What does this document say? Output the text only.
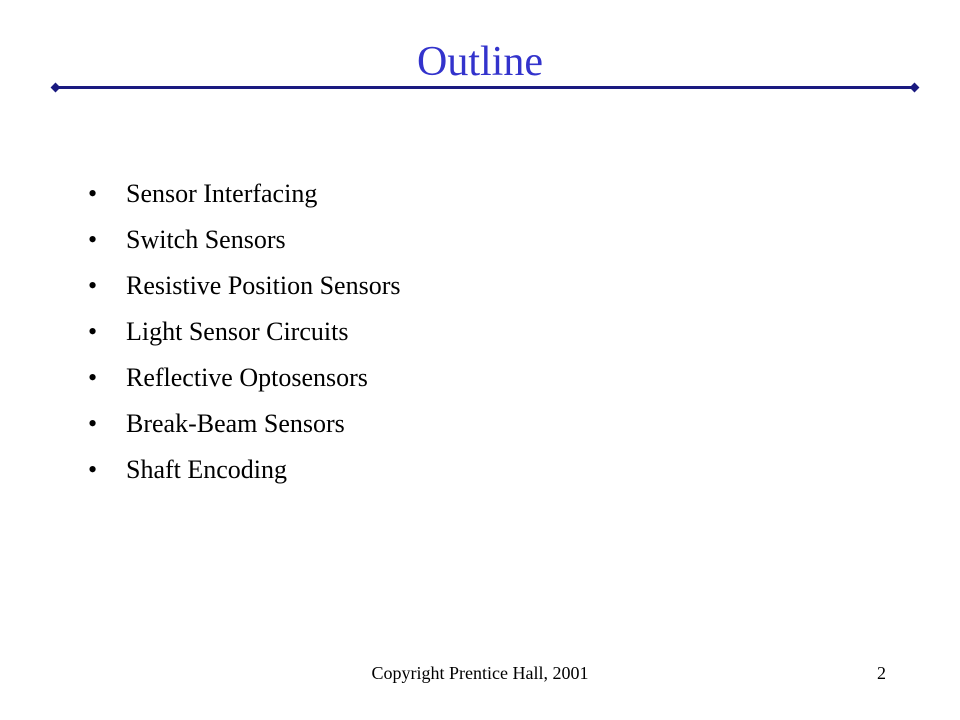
Outline
•	Sensor Interfacing
•	Switch Sensors
•	Resistive Position Sensors
•	Light Sensor Circuits
•	Reflective Optosensors
•	Break-Beam Sensors
•	Shaft Encoding
Copyright Prentice Hall, 2001	2
